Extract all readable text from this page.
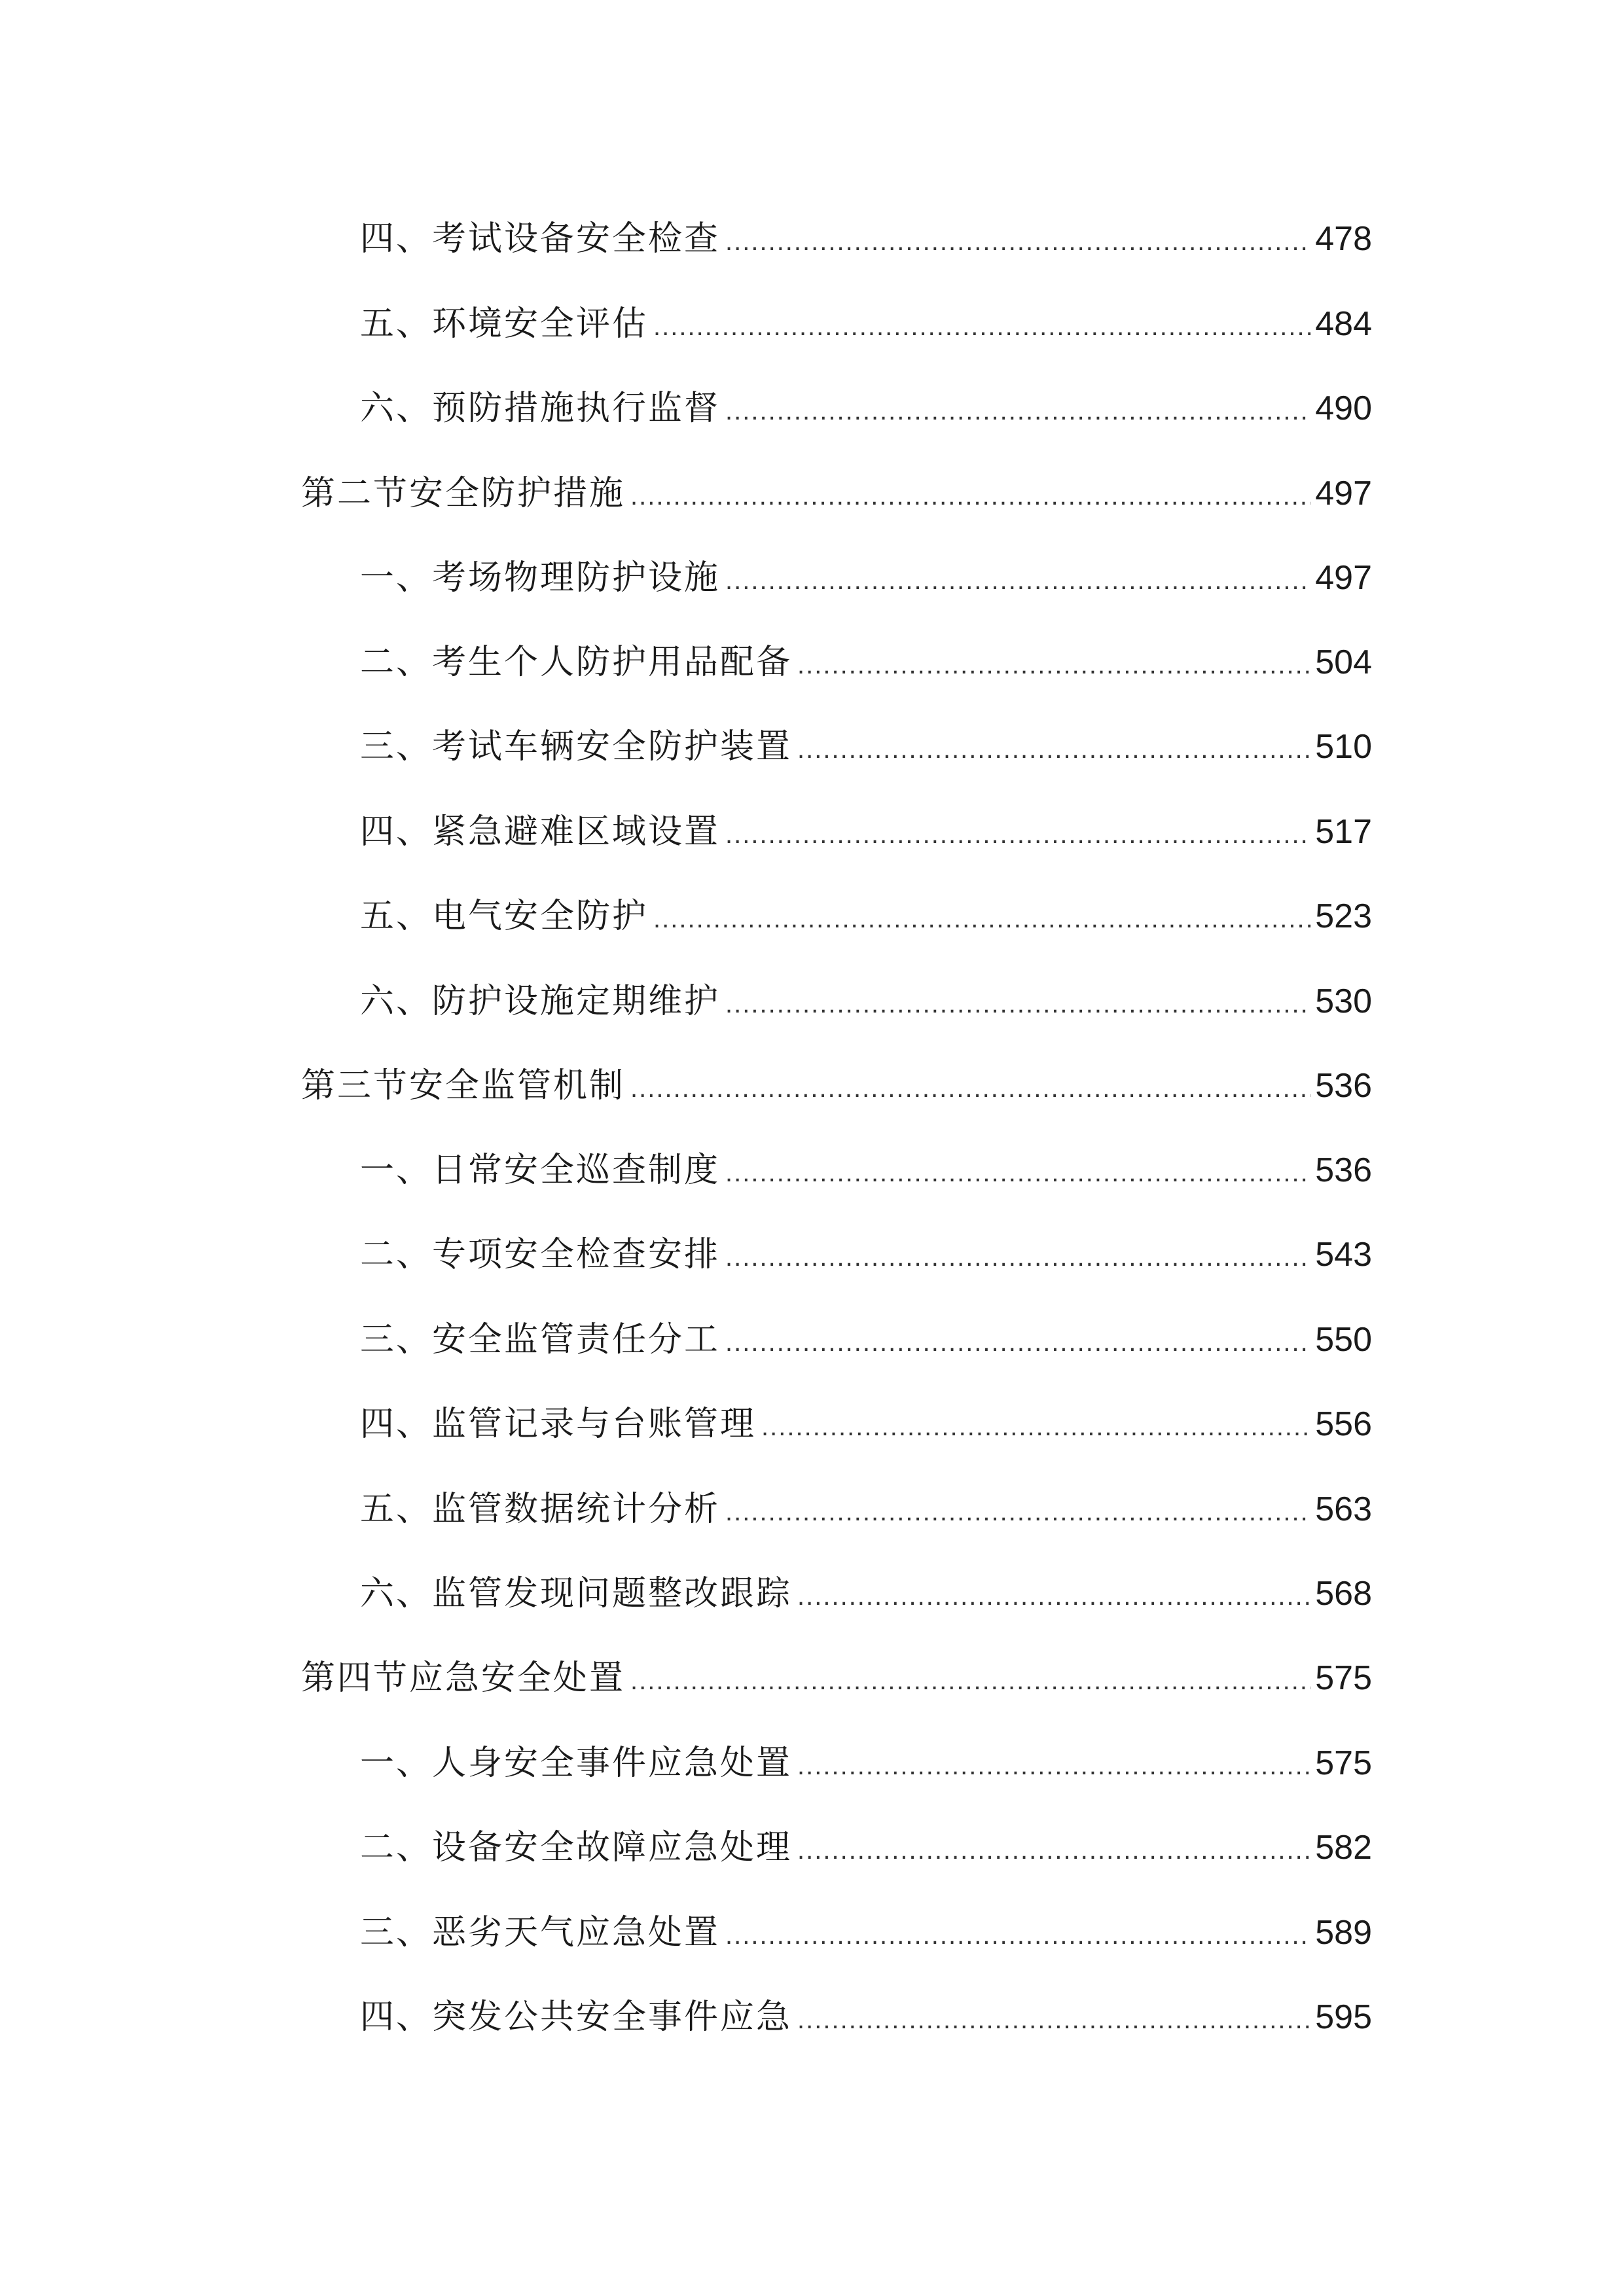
四、考试设备安全检查 .....	478
五、环境安全评估 .....	484
六、预防措施执行监督 .....	490
第二节安全防护措施 .....	497
一、考场物理防护设施 .....	497
二、考生个人防护用品配备 .....	504
三、考试车辆安全防护装置 .....	510
四、紧急避难区域设置 .....	517
五、电气安全防护 .....	523
六、防护设施定期维护 .....	530
第三节安全监管机制 .....	536
一、日常安全巡查制度 .....	536
二、专项安全检查安排 .....	543
三、安全监管责任分工 .....	550
四、监管记录与台账管理 .....	556
五、监管数据统计分析 .....	563
六、监管发现问题整改跟踪 .....	568
第四节应急安全处置 .....	575
一、人身安全事件应急处置 .....	575
二、设备安全故障应急处理 .....	582
三、恶劣天气应急处置 .....	589
四、突发公共安全事件应急 .....	595
